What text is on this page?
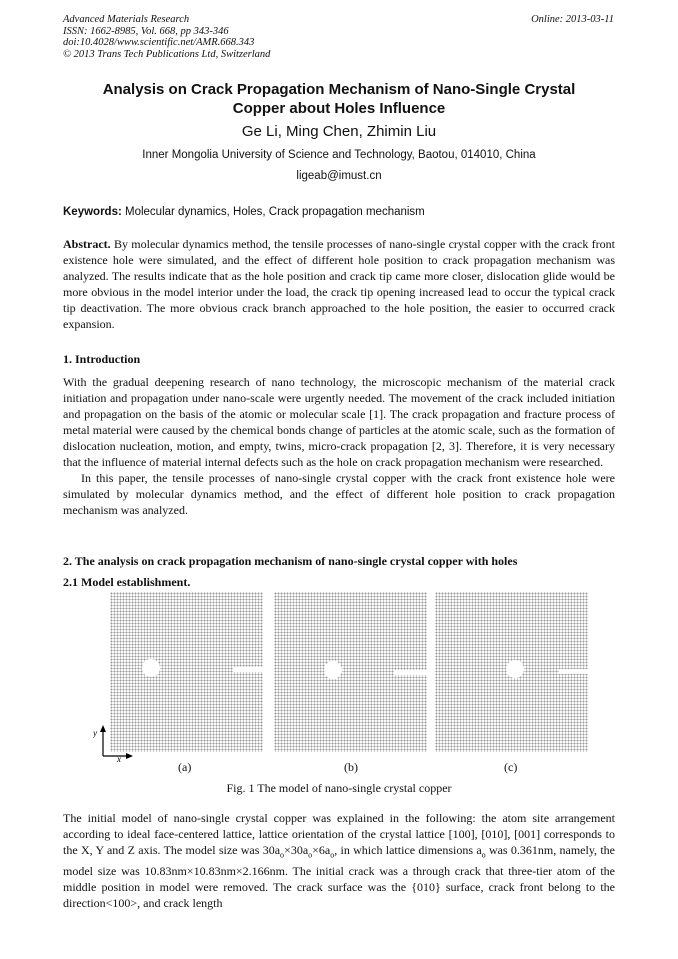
Advanced Materials Research
ISSN: 1662-8985, Vol. 668, pp 343-346
doi:10.4028/www.scientific.net/AMR.668.343
© 2013 Trans Tech Publications Ltd, Switzerland
Online: 2013-03-11
Analysis on Crack Propagation Mechanism of Nano-Single Crystal
Copper about Holes Influence
Ge Li, Ming Chen, Zhimin Liu
Inner Mongolia University of Science and Technology, Baotou, 014010, China
ligeab@imust.cn
Keywords: Molecular dynamics, Holes, Crack propagation mechanism

Abstract. By molecular dynamics method, the tensile processes of nano-single crystal copper with the crack front existence hole were simulated, and the effect of different hole position to crack propagation mechanism was analyzed. The results indicate that as the hole position and crack tip came more closer, dislocation glide would be more obvious in the model interior under the load, the crack tip opening increased lead to occur the typical crack tip deactivation. The more obvious crack branch approached to the hole position, the easier to occurred crack expansion.

1. Introduction

With the gradual deepening research of nano technology, the microscopic mechanism of the material crack initiation and propagation under nano-scale were urgently needed. The movement of the crack included initiation and propagation on the basis of the atomic or molecular scale [1]. The crack propagation and fracture process of metal material were caused by the chemical bonds change of particles at the atomic scale, such as the formation of dislocation nucleation, motion, and empty, twins, micro-crack propagation [2, 3]. Therefore, it is very necessary that the influence of material internal defects such as the hole on crack propagation mechanism were researched.

In this paper, the tensile processes of nano-single crystal copper with the crack front existence hole were simulated by molecular dynamics method, and the effect of different hole position to crack propagation mechanism was analyzed.

2. The analysis on crack propagation mechanism of nano-single crystal copper with holes
2.1 Model establishment.
y
x
(a)	(b)	(c)
Fig. 1 The model of nano-single crystal copper

The initial model of nano-single crystal copper was explained in the following: the atom site arrangement according to ideal face-centered lattice, lattice orientation of the crystal lattice [100], [010], [001] corresponds to the X, Y and Z axis. The model size was $30a_o\times 30a_o\times 6a_o$, in which lattice dimensions $a_o$ was 0.361nm, namely, the model size was 10.83nm×10.83nm×2.166nm. The initial crack was a through crack that three-tier atom of the middle position in model were removed. The crack surface was the {010} surface, crack front belong to the direction<100>, and crack length
